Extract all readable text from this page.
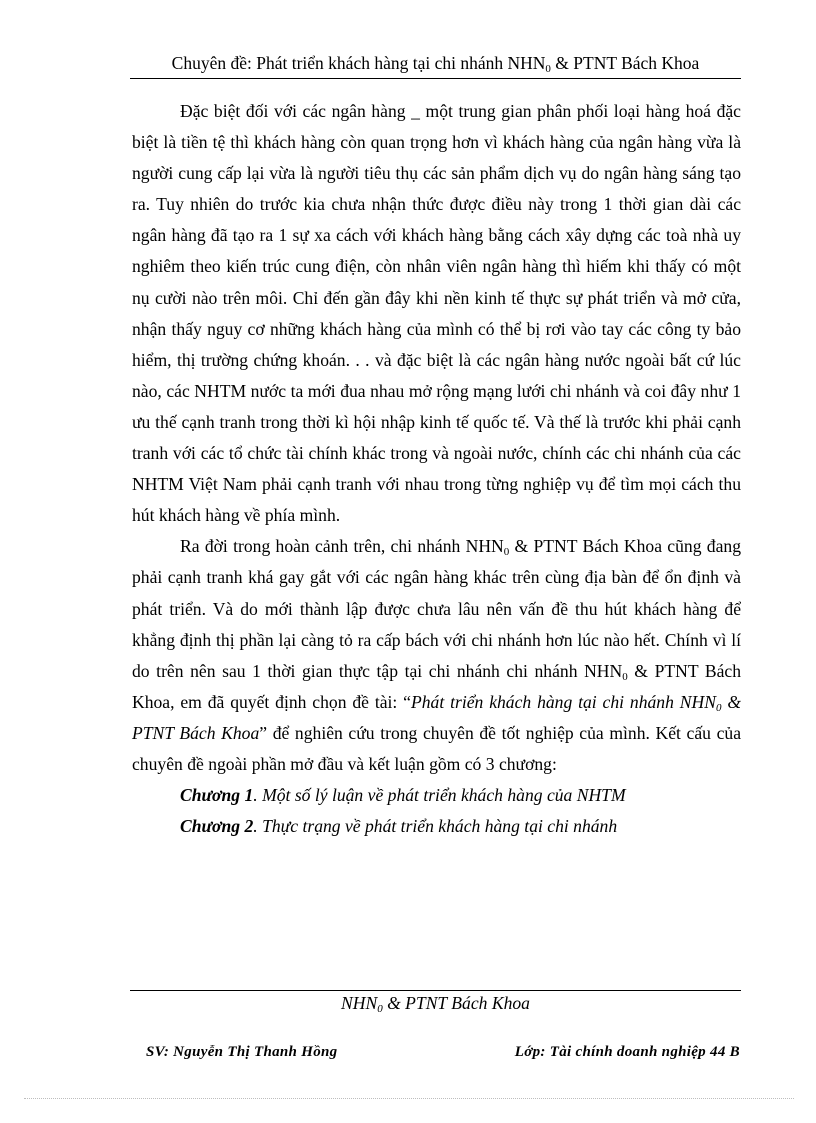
Chuyên đề: Phát triển khách hàng tại chi nhánh $NHN_0$ & PTNT Bách Khoa

Đặc biệt đối với các ngân hàng _ một trung gian phân phối loại hàng hoá đặc biệt là tiền tệ thì khách hàng còn quan trọng hơn vì khách hàng của ngân hàng vừa là người cung cấp lại vừa là người tiêu thụ các sản phẩm dịch vụ do ngân hàng sáng tạo ra. Tuy nhiên do trước kia chưa nhận thức được điều này trong 1 thời gian dài các ngân hàng đã tạo ra 1 sự xa cách với khách hàng bằng cách xây dựng các toà nhà uy nghiêm theo kiến trúc cung điện, còn nhân viên ngân hàng thì hiếm khi thấy có một nụ cười nào trên môi. Chỉ đến gần đây khi nền kinh tế thực sự phát triển và mở cửa, nhận thấy nguy cơ những khách hàng của mình có thể bị rơi vào tay các công ty bảo hiểm, thị trường chứng khoán. . . và đặc biệt là các ngân hàng nước ngoài bất cứ lúc nào, các NHTM nước ta mới đua nhau mở rộng mạng lưới chi nhánh và coi đây như 1 ưu thế cạnh tranh trong thời kì hội nhập kinh tế quốc tế. Và thế là trước khi phải cạnh tranh với các tổ chức tài chính khác trong và ngoài nước, chính các chi nhánh của các NHTM Việt Nam phải cạnh tranh với nhau trong từng nghiệp vụ để tìm mọi cách thu hút khách hàng về phía mình.

Ra đời trong hoàn cảnh trên, chi nhánh $NHN_0$ & PTNT Bách Khoa cũng đang phải cạnh tranh khá gay gắt với các ngân hàng khác trên cùng địa bàn để ổn định và phát triển. Và do mới thành lập được chưa lâu nên vấn đề thu hút khách hàng để khẳng định thị phần lại càng tỏ ra cấp bách với chi nhánh hơn lúc nào hết. Chính vì lí do trên nên sau 1 thời gian thực tập tại chi nhánh chi nhánh $NHN_0$ & PTNT Bách Khoa, em đã quyết định chọn đề tài: “Phát triển khách hàng tại chi nhánh $NHN_0$ & PTNT Bách Khoa” để nghiên cứu trong chuyên đề tốt nghiệp của mình. Kết cấu của chuyên đề ngoài phần mở đầu và kết luận gồm có 3 chương:

Chương 1. Một số lý luận về phát triển khách hàng của NHTM

Chương 2. Thực trạng về phát triển khách hàng tại chi nhánh

$NHN_0$ & PTNT Bách Khoa
SV: Nguyễn Thị Thanh Hồng	Lớp: Tài chính doanh nghiệp 44 B
